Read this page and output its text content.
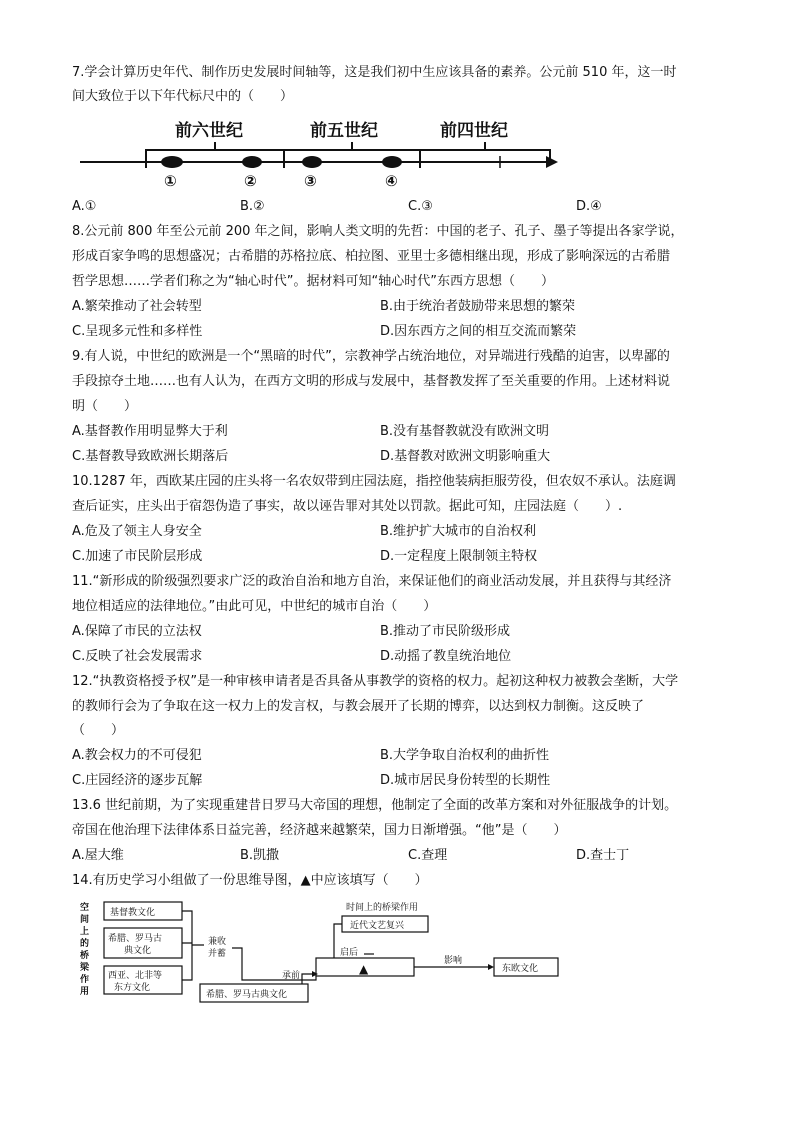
7.学会计算历史年代、制作历史发展时间轴等，这是我们初中生应该具备的素养。公元前 510 年，这一时
间大致位于以下年代标尺中的（　　）
前六世纪	前五世纪	前四世纪
①	②	③	④
A.①	B.②	C.③	D.④
8.公元前 800 年至公元前 200 年之间，影响人类文明的先哲：中国的老子、孔子、墨子等提出各家学说，
形成百家争鸣的思想盛况；古希腊的苏格拉底、柏拉图、亚里士多德相继出现，形成了影响深远的古希腊
哲学思想……学者们称之为“轴心时代”。据材料可知“轴心时代”东西方思想（　　）
A.繁荣推动了社会转型	B.由于统治者鼓励带来思想的繁荣
C.呈现多元性和多样性	D.因东西方之间的相互交流而繁荣
9.有人说，中世纪的欧洲是一个“黑暗的时代”，宗教神学占统治地位，对异端进行残酷的迫害，以卑鄙的
手段掠夺土地……也有人认为，在西方文明的形成与发展中，基督教发挥了至关重要的作用。上述材料说
明（　　）
A.基督教作用明显弊大于利	B.没有基督教就没有欧洲文明
C.基督教导致欧洲长期落后	D.基督教对欧洲文明影响重大
10.1287 年，西欧某庄园的庄头将一名农奴带到庄园法庭，指控他装病拒服劳役，但农奴不承认。法庭调
查后证实，庄头出于宿怨伪造了事实，故以诬告罪对其处以罚款。据此可知，庄园法庭（　　）.
A.危及了领主人身安全	B.维护扩大城市的自治权利
C.加速了市民阶层形成	D.一定程度上限制领主特权
11.“新形成的阶级强烈要求广泛的政治自治和地方自治，来保证他们的商业活动发展，并且获得与其经济
地位相适应的法律地位。”由此可见，中世纪的城市自治（　　）
A.保障了市民的立法权	B.推动了市民阶级形成
C.反映了社会发展需求	D.动摇了教皇统治地位
12.“执教资格授予权”是一种审核申请者是否具备从事教学的资格的权力。起初这种权力被教会垄断，大学
的教师行会为了争取在这一权力上的发言权，与教会展开了长期的博弈，以达到权力制衡。这反映了
（　　）
A.教会权力的不可侵犯	B.大学争取自治权利的曲折性
C.庄园经济的逐步瓦解	D.城市居民身份转型的长期性
13.6 世纪前期，为了实现重建昔日罗马大帝国的理想，他制定了全面的改革方案和对外征服战争的计划。
帝国在他治理下法律体系日益完善，经济越来越繁荣，国力日渐增强。“他”是（　　）
A.屋大维	B.凯撒	C.查理	D.查士丁
14.有历史学习小组做了一份思维导图，▲中应该填写（　　）
空
间
上
的
桥
梁
作
用
基督教文化
希腊、罗马古
典文化
西亚、北非等
东方文化
兼收
并蓄
时间上的桥梁作用
近代文艺复兴
▲
启后
影响
东欧文化
承前
希腊、罗马古典文化
